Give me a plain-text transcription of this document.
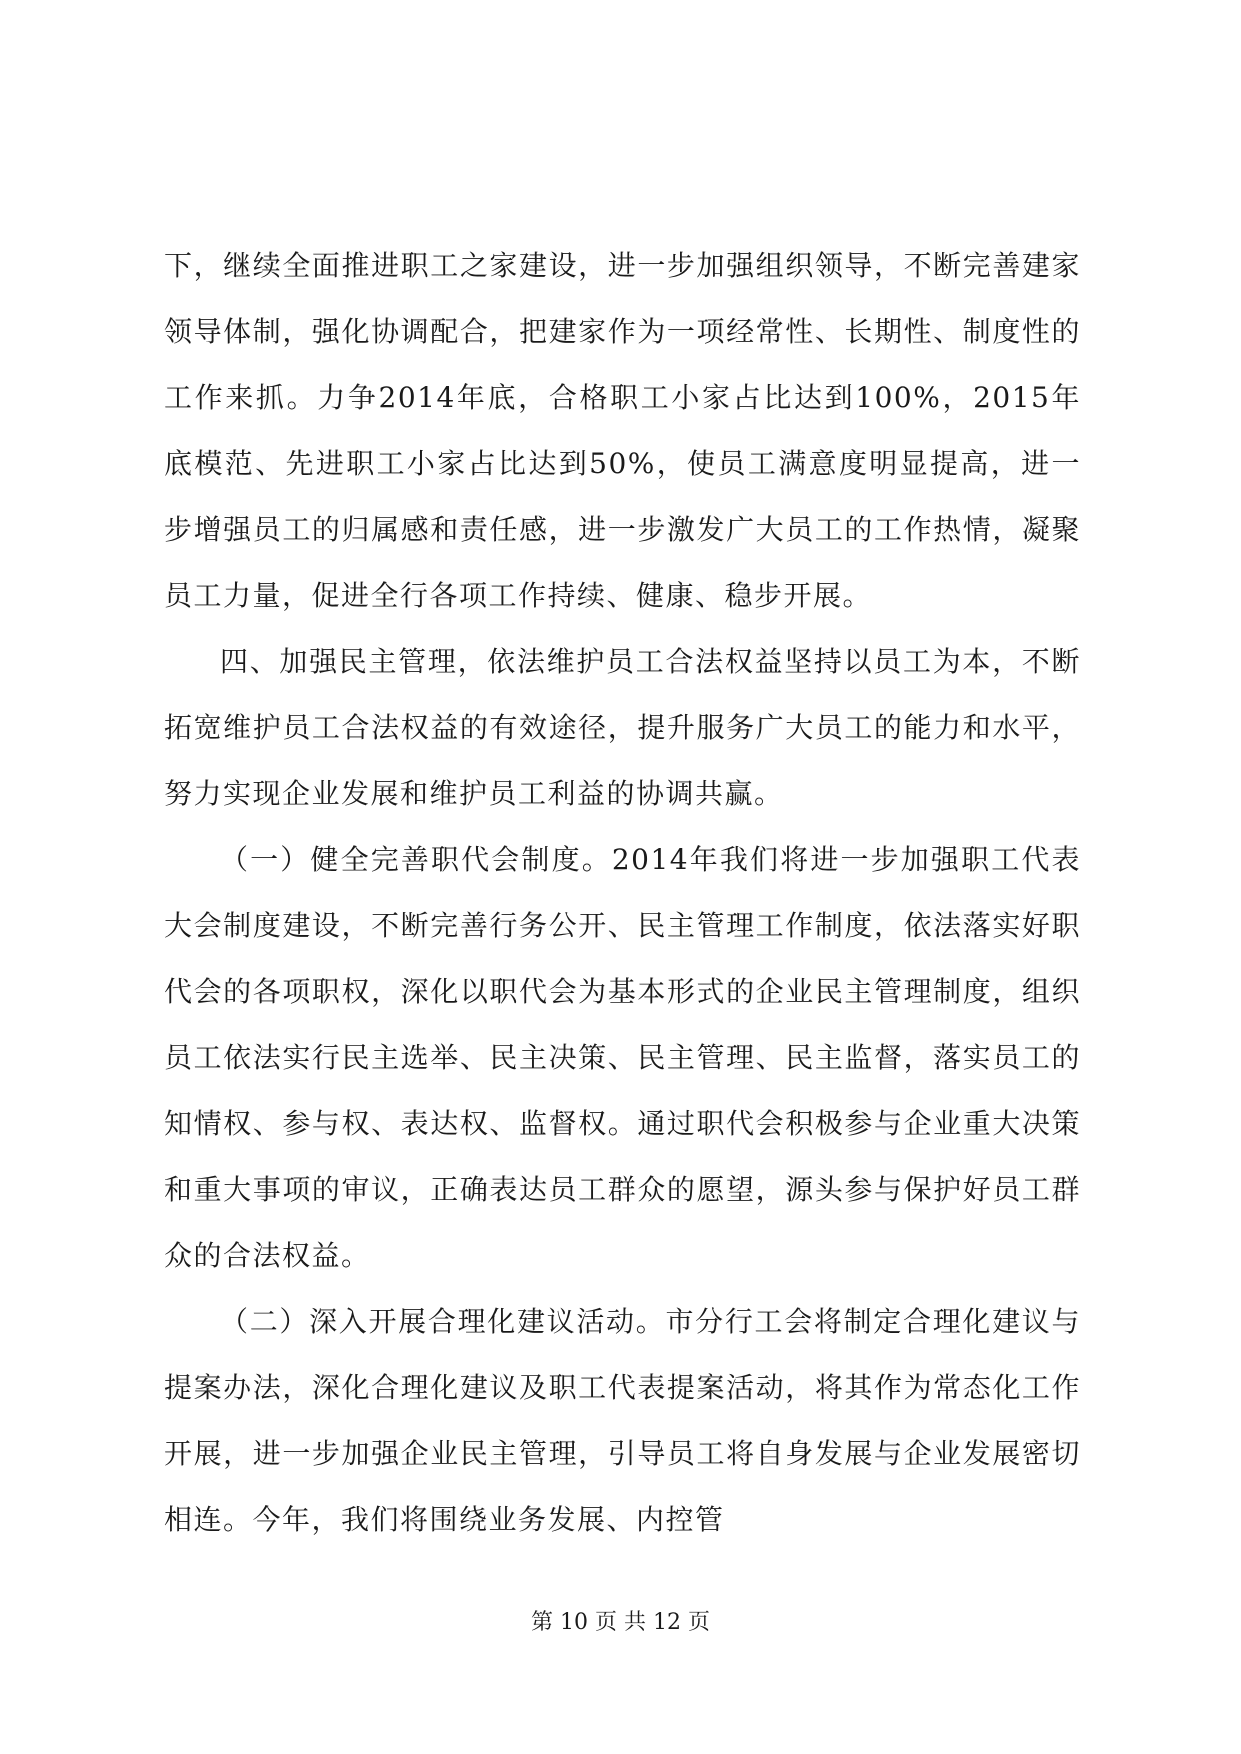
下，继续全面推进职工之家建设，进一步加强组织领导，不断完善建家领导体制，强化协调配合，把建家作为一项经常性、长期性、制度性的工作来抓。力争2014年底，合格职工小家占比达到100%，2015年底模范、先进职工小家占比达到50%，使员工满意度明显提高，进一步增强员工的归属感和责任感，进一步激发广大员工的工作热情，凝聚员工力量，促进全行各项工作持续、健康、稳步开展。

四、加强民主管理，依法维护员工合法权益坚持以员工为本，不断拓宽维护员工合法权益的有效途径，提升服务广大员工的能力和水平，努力实现企业发展和维护员工利益的协调共赢。

（一）健全完善职代会制度。2014年我们将进一步加强职工代表大会制度建设，不断完善行务公开、民主管理工作制度，依法落实好职代会的各项职权，深化以职代会为基本形式的企业民主管理制度，组织员工依法实行民主选举、民主决策、民主管理、民主监督，落实员工的知情权、参与权、表达权、监督权。通过职代会积极参与企业重大决策和重大事项的审议，正确表达员工群众的愿望，源头参与保护好员工群众的合法权益。

（二）深入开展合理化建议活动。市分行工会将制定合理化建议与提案办法，深化合理化建议及职工代表提案活动，将其作为常态化工作开展，进一步加强企业民主管理，引导员工将自身发展与企业发展密切相连。今年，我们将围绕业务发展、内控管

第 10 页 共 12 页
